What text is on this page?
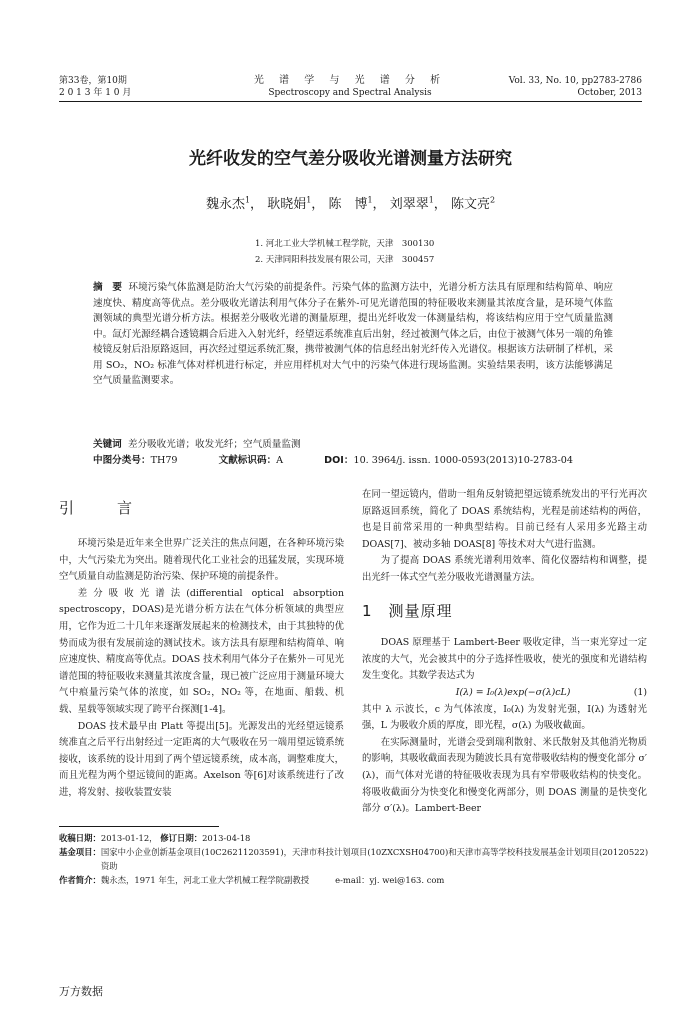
第33卷，第10期
2 0 1 3 年 1 0 月
光 谱 学 与 光 谱 分 析
Spectroscopy and Spectral Analysis
Vol. 33, No. 10, pp2783-2786
October, 2013
光纤收发的空气差分吸收光谱测量方法研究
魏永杰$^1$， 耿晓娟$^1$， 陈　博$^1$， 刘翠翠$^1$， 陈文亮$^2$
1. 河北工业大学机械工程学院，天津　300130
2. 天津同阳科技发展有限公司，天津　300457
摘　要 环境污染气体监测是防治大气污染的前提条件。污染气体的监测方法中，光谱分析方法具有原理和结构简单、响应速度快、精度高等优点。差分吸收光谱法利用气体分子在紫外-可见光谱范围的特征吸收来测量其浓度含量，是环境气体监测领域的典型光谱分析方法。根据差分吸收光谱的测量原理，提出光纤收发一体测量结构，将该结构应用于空气质量监测中。氙灯光源经耦合透镜耦合后进入入射光纤，经望远系统准直后出射，经过被测气体之后，由位于被测气体另一端的角锥棱镜反射后沿原路返回，再次经过望远系统汇聚，携带被测气体的信息经出射光纤传入光谱仪。根据该方法研制了样机，采用 SO₂，NO₂ 标准气体对样机进行标定，并应用样机对大气中的污染气体进行现场监测。实验结果表明，该方法能够满足空气质量监测要求。
关键词 差分吸收光谱；收发光纤；空气质量监测
中图分类号：TH79	文献标识码：A	DOI：10. 3964/j. issn. 1000-0593(2013)10-2783-04
引　言

环境污染是近年来全世界广泛关注的焦点问题，在各种环境污染中，大气污染尤为突出。随着现代化工业社会的迅猛发展，实现环境空气质量自动监测是防治污染、保护环境的前提条件。

差分吸收光谱法(differential optical absorption spectroscopy，DOAS)是光谱分析方法在气体分析领域的典型应用，它作为近二十几年来逐渐发展起来的检测技术，由于其独特的优势而成为很有发展前途的测试技术。该方法具有原理和结构简单、响应速度快、精度高等优点。DOAS 技术利用气体分子在紫外－可见光谱范围的特征吸收来测量其浓度含量，现已被广泛应用于测量环境大气中痕量污染气体的浓度，如 SO₂，NO₂ 等，在地面、船载、机载、星载等领域实现了跨平台探测[1-4]。

DOAS 技术最早由 Platt 等提出[5]。光源发出的光经望远镜系统准直之后平行出射经过一定距离的大气吸收在另一端用望远镜系统接收，该系统的设计用到了两个望远镜系统，成本高，调整难度大，而且光程为两个望远镜间的距离。Axelson 等[6]对该系统进行了改进，将发射、接收装置安装

在同一望远镜内，借助一组角反射镜把望远镜系统发出的平行光再次原路返回系统，简化了 DOAS 系统结构，光程是前述结构的两倍，也是目前常采用的一种典型结构。目前已经有人采用多光路主动 DOAS[7]、被动多轴 DOAS[8] 等技术对大气进行监测。

为了提高 DOAS 系统光谱利用效率、简化仪器结构和调整，提出光纤一体式空气差分吸收光谱测量方法。

1　测量原理

DOAS 原理基于 Lambert-Beer 吸收定律，当一束光穿过一定浓度的大气，光会被其中的分子选择性吸收，使光的强度和光谱结构发生变化。其数学表达式为

I(λ) = I₀(λ)exp(−σ(λ)cL)	(1)

其中 λ 示波长，c 为气体浓度，I₀(λ) 为发射光强，I(λ) 为透射光强，L 为吸收介质的厚度，即光程，σ(λ) 为吸收截面。

在实际测量时，光谱会受到瑞利散射、米氏散射及其他消光物质的影响，其吸收截面表现为随波长具有宽带吸收结构的慢变化部分 σ′(λ)，而气体对光谱的特征吸收表现为具有窄带吸收结构的快变化。将吸收截面分为快变化和慢变化两部分，则 DOAS 测量的是快变化部分 σ′(λ)。Lambert-Beer

收稿日期：2013-01-12， 修订日期：2013-04-18
基金项目： 国家中小企业创新基金项目(10C26211203591)，天津市科技计划项目(10ZXCXSH04700)和天津市高等学校科技发展基金计划项目(20120522)资助
作者简介：魏永杰，1971 年生，河北工业大学机械工程学院副教授	e-mail：yj. wei@163. com
万方数据
